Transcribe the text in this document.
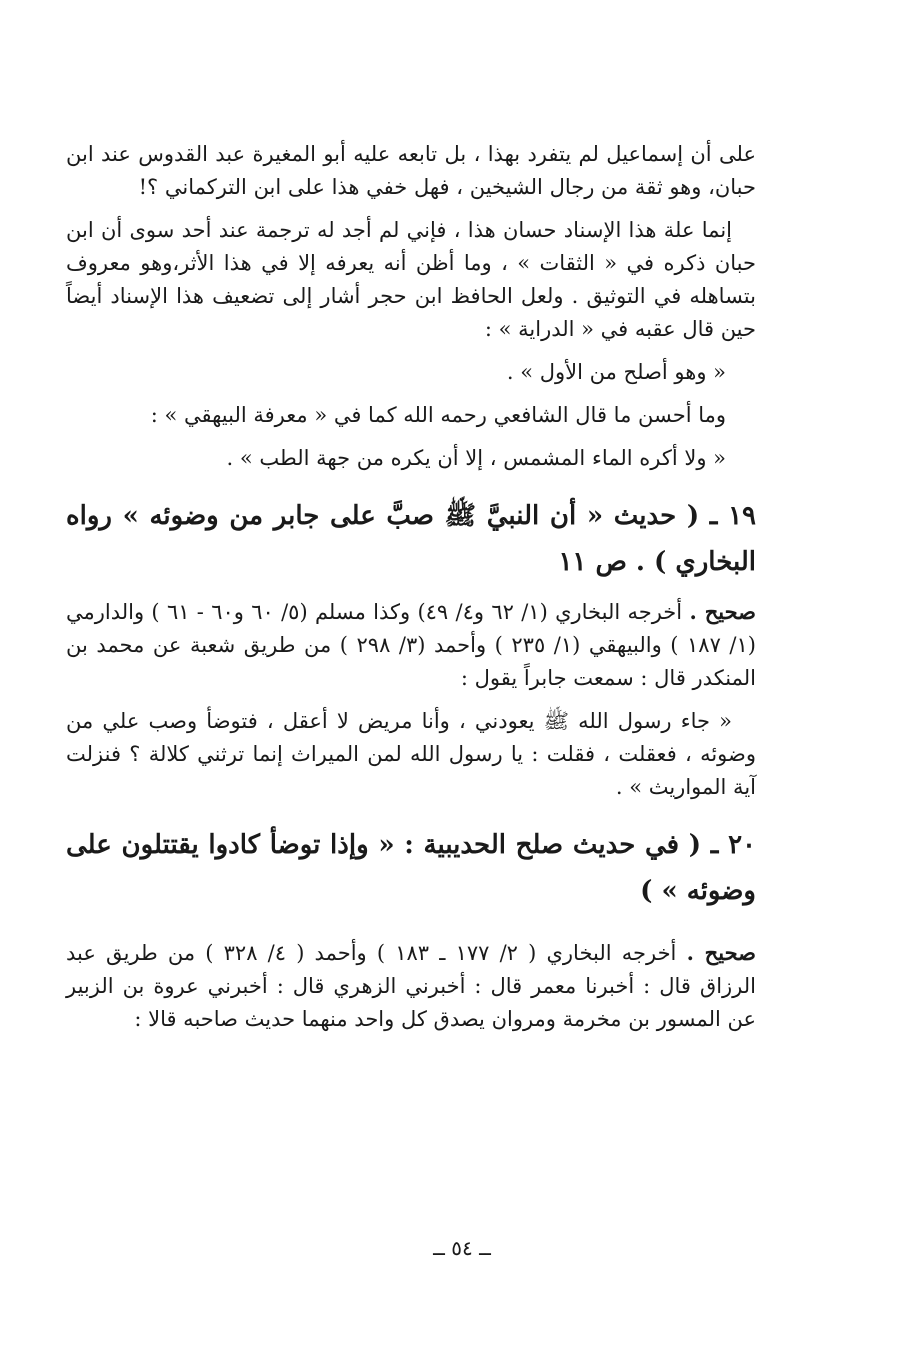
على أن إسماعيل لم يتفرد بهذا ، بل تابعه عليه أبو المغيرة عبد القدوس عند ابن حبان، وهو ثقة من رجال الشيخين ، فهل خفي هذا على ابن التركماني ؟!

إنما علة هذا الإسناد حسان هذا ، فإني لم أجد له ترجمة عند أحد سوى أن ابن حبان ذكره في « الثقات » ، وما أظن أنه يعرفه إلا في هذا الأثر،وهو معروف بتساهله في التوثيق . ولعل الحافظ ابن حجر أشار إلى تضعيف هذا الإسناد أيضاً حين قال عقبه في « الدراية » :

« وهو أصلح من الأول » .

وما أحسن ما قال الشافعي رحمه الله كما في « معرفة البيهقي » :

« ولا أكره الماء المشمس ، إلا أن يكره من جهة الطب » .

١٩ ـ ( حديث « أن النبيَّ ﷺ صبَّ على جابر من وضوئه » رواه البخاري ) . ص ١١

صحيح . أخرجه البخاري (١/ ٦٢ و٤/ ٤٩) وكذا مسلم (٥/ ٦٠ و٦٠ - ٦١ ) والدارمي (١/ ١٨٧ ) والبيهقي (١/ ٢٣٥ ) وأحمد (٣/ ٢٩٨ ) من طريق شعبة عن محمد بن المنكدر قال : سمعت جابراً يقول :

« جاء رسول الله ﷺ يعودني ، وأنا مريض لا أعقل ، فتوضأ وصب علي من وضوئه ، فعقلت ، فقلت : يا رسول الله لمن الميراث إنما ترثني كلالة ؟ فنزلت آية المواريث » .

٢٠ ـ ( في حديث صلح الحديبية : « وإذا توضأ كادوا يقتتلون على وضوئه » )

صحيح . أخرجه البخاري ( ٢/ ١٧٧ ـ ١٨٣ ) وأحمد ( ٤/ ٣٢٨ ) من طريق عبد الرزاق قال : أخبرنا معمر قال : أخبرني الزهري قال : أخبرني عروة بن الزبير عن المسور بن مخرمة ومروان يصدق كل واحد منهما حديث صاحبه قالا :

ــ ٥٤ ــ
